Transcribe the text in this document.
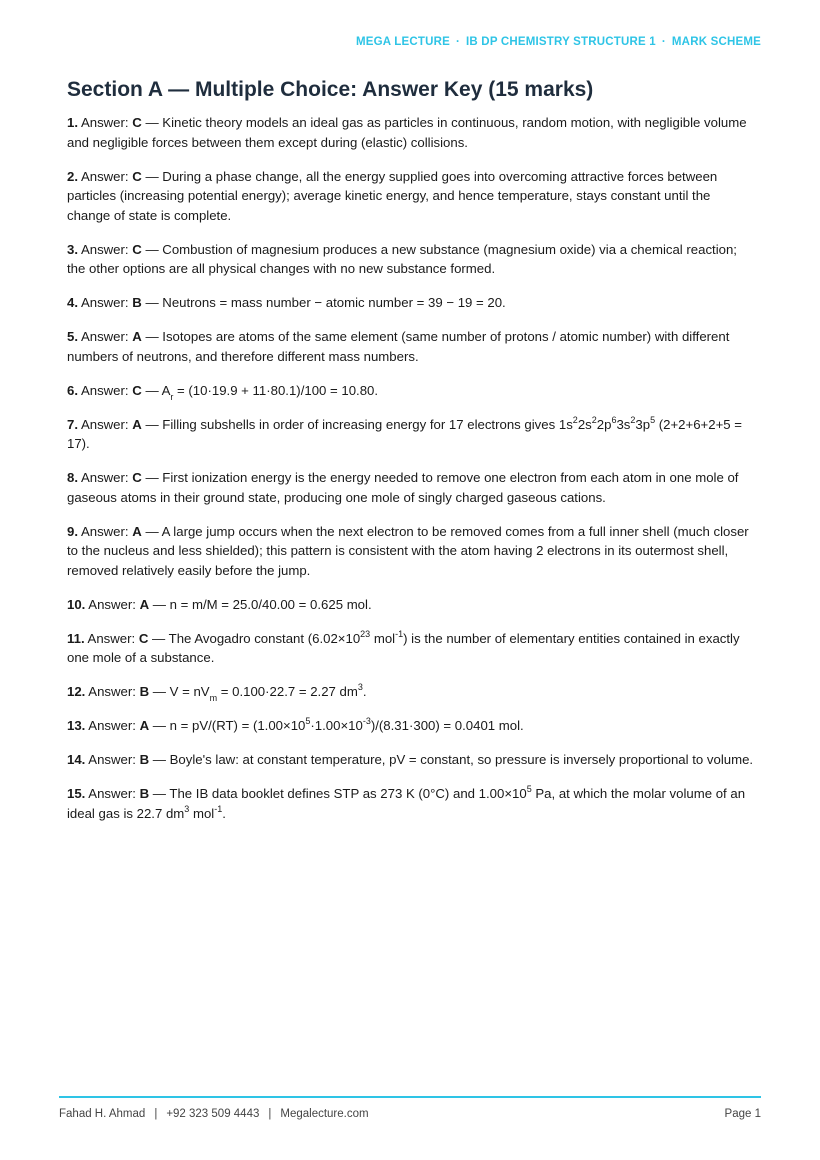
MEGA LECTURE · IB DP CHEMISTRY STRUCTURE 1 · MARK SCHEME
Section A — Multiple Choice: Answer Key (15 marks)

1. Answer: C — Kinetic theory models an ideal gas as particles in continuous, random motion, with negligible volume and negligible forces between them except during (elastic) collisions.

2. Answer: C — During a phase change, all the energy supplied goes into overcoming attractive forces between particles (increasing potential energy); average kinetic energy, and hence temperature, stays constant until the change of state is complete.

3. Answer: C — Combustion of magnesium produces a new substance (magnesium oxide) via a chemical reaction; the other options are all physical changes with no new substance formed.

4. Answer: B — Neutrons = mass number − atomic number = 39 − 19 = 20.

5. Answer: A — Isotopes are atoms of the same element (same number of protons / atomic number) with different numbers of neutrons, and therefore different mass numbers.

6. Answer: C — $A_r = (10\cdot 19.9 + 11\cdot 80.1)/100 = 10.80$.

7. Answer: A — Filling subshells in order of increasing energy for 17 electrons gives $1s^22s^22p^63s^23p^5$ (2+2+6+2+5 = 17).

8. Answer: C — First ionization energy is the energy needed to remove one electron from each atom in one mole of gaseous atoms in their ground state, producing one mole of singly charged gaseous cations.

9. Answer: A — A large jump occurs when the next electron to be removed comes from a full inner shell (much closer to the nucleus and less shielded); this pattern is consistent with the atom having 2 electrons in its outermost shell, removed relatively easily before the jump.

10. Answer: A — n = m/M = 25.0/40.00 = 0.625 mol.

11. Answer: C — The Avogadro constant ($6.02\times 10^{23}$ mol$^{-1}$) is the number of elementary entities contained in exactly one mole of a substance.

12. Answer: B — $V = nV_m = 0.100\cdot 22.7 = 2.27$ $dm^3$.

13. Answer: A — $n = pV/(RT) = (1.00\times 10^5\cdot 1.00\times 10^{-3})/(8.31\cdot 300) = 0.0401$ mol.

14. Answer: B — Boyle's law: at constant temperature, pV = constant, so pressure is inversely proportional to volume.

15. Answer: B — The IB data booklet defines STP as 273 K (0°C) and $1.00\times 10^5$ Pa, at which the molar volume of an ideal gas is 22.7 $dm^3$ mol$^{-1}$.

Fahad H. Ahmad | +92 323 509 4443 | Megalecture.com	Page 1
